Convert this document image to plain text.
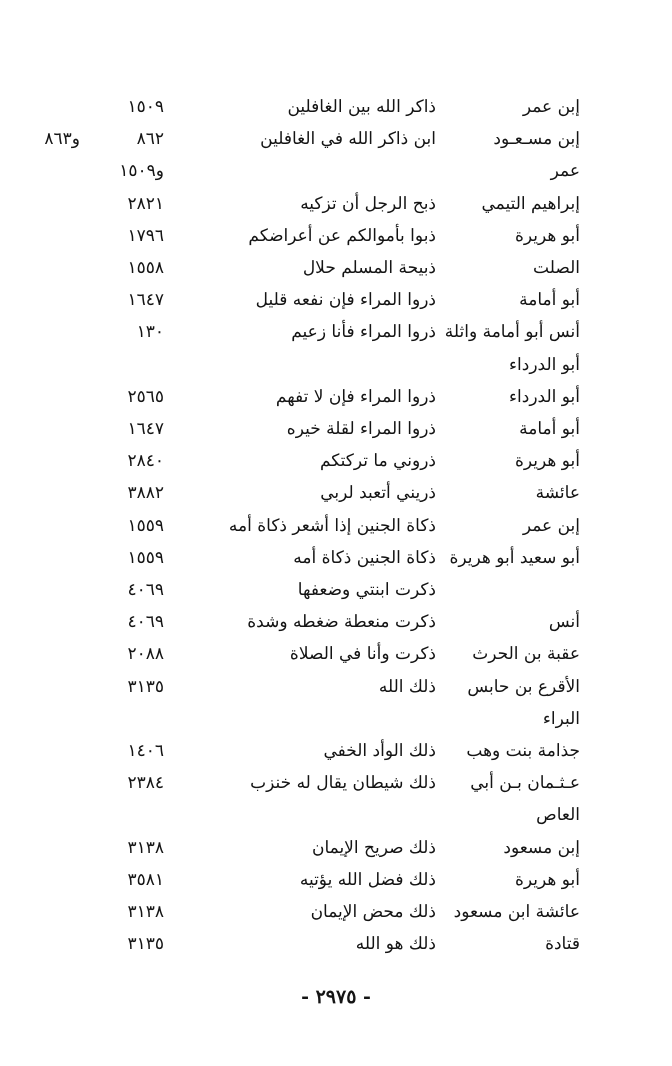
إبن عمر
ذاكر الله بين الغافلين
١٥٠٩
إبن مسـعـود
ابن ذاكر الله في الغافلين
٨٦٢
و٨٦٣
عمر
و١٥٠٩
إبراهيم التيمي
ذبح الرجل أن تزكيه
٢٨٢١
أبو هريرة
ذبوا بأموالكم عن أعراضكم
١٧٩٦
الصلت
ذبيحة المسلم حلال
١٥٥٨
أبو أمامة
ذروا المراء فإن نفعه قليل
١٦٤٧
أنس أبو أمامة واثلة
ذروا المراء فأنا زعيم
١٣٠
أبو الدرداء
أبو الدرداء
ذروا المراء فإن لا تفهم
٢٥٦٥
أبو أمامة
ذروا المراء لقلة خيره
١٦٤٧
أبو هريرة
ذروني ما تركتكم
٢٨٤٠
عائشة
ذريني أتعبد لربي
٣٨٨٢
إبن عمر
ذكاة الجنين إذا أشعر ذكاة أمه
١٥٥٩
أبو سعيد أبو هريرة
ذكاة الجنين ذكاة أمه
١٥٥٩
ذكرت ابنتي وضعفها
٤٠٦٩
أنس
ذكرت منعطة ضغطه وشدة
٤٠٦٩
عقبة بن الحرث
ذكرت وأنا في الصلاة
٢٠٨٨
الأقرع بن حابس
ذلك الله
٣١٣٥
البراء
جذامة بنت وهب
ذلك الوأد الخفي
١٤٠٦
عـثـمان بـن أبي
ذلك شيطان يقال له خنزب
٢٣٨٤
العاص
إبن مسعود
ذلك صريح الإيمان
٣١٣٨
أبو هريرة
ذلك فضل الله يؤتيه
٣٥٨١
عائشة ابن مسعود
ذلك محض الإيمان
٣١٣٨
قتادة
ذلك هو الله
٣١٣٥
- ٢٩٧٥ -
